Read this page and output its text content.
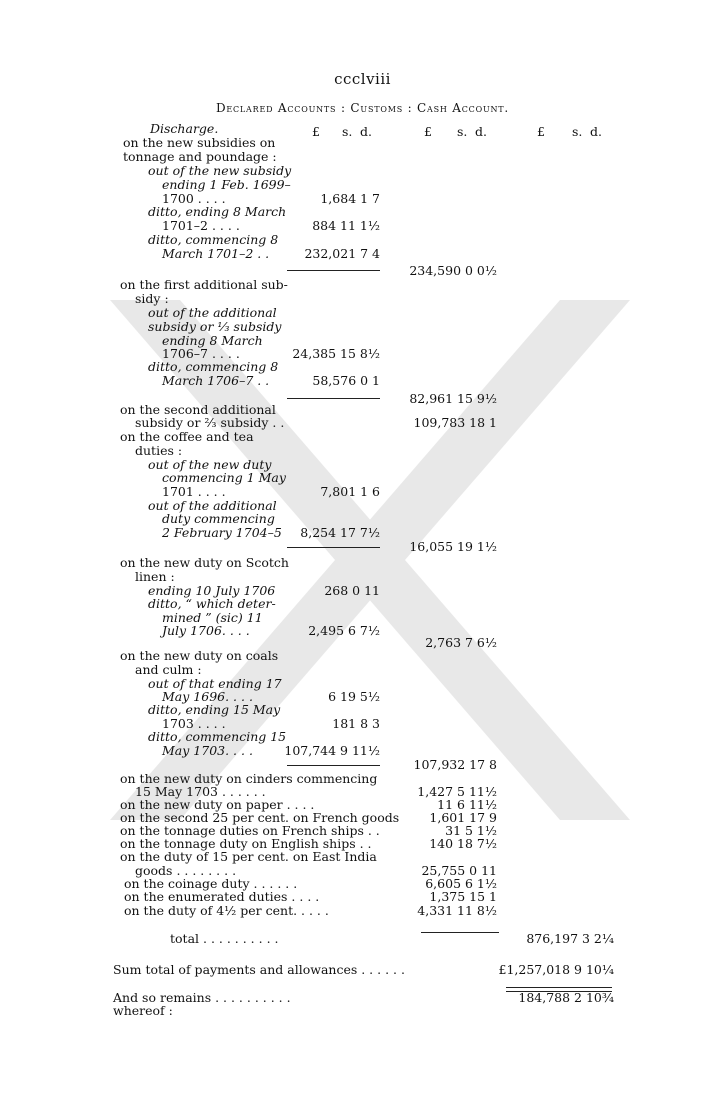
ccclviii
Declared Accounts : Customs : Cash Account.
£ s. d.	£ s. d.	£ s. d.
Discharge.
on the new subsidies on
tonnage and poundage :
out of the new subsidy
ending 1 Feb. 1699–
1700 . . . .
ditto, ending 8 March
1701–2 . . . .
ditto, commencing 8
March 1701–2 . .
on the first additional sub-
sidy :
out of the additional
subsidy or ⅓ subsidy
ending 8 March
1706–7 . . . .
ditto, commencing 8
March 1706–7 . .
on the second additional
subsidy or ⅔ subsidy . .
on the coffee and tea
duties :
out of the new duty
commencing 1 May
1701 . . . .
out of the additional
duty commencing
2 February 1704–5
on the new duty on Scotch
linen :
ending 10 July 1706
ditto, “ which deter-
mined ” (sic) 11
July 1706. . . .
on the new duty on coals
and culm :
out of that ending 17
May 1696. . . .
ditto, ending 15 May
1703 . . . .
ditto, commencing 15
May 1703. . . .
on the new duty on cinders commencing
15 May 1703 . . . . . .
on the new duty on paper . . . .
on the second 25 per cent. on French goods
on the tonnage duties on French ships . .
on the tonnage duty on English ships . .
on the duty of 15 per cent. on East India
goods . . . . . . . .
on the coinage duty . . . . . .
on the enumerated duties . . . .
on the duty of 4½ per cent. . . . .
total . . . . . . . . . .
Sum total of payments and allowances . . . . . .
And so remains . . . . . . . . . .
whereof :
1,684 1 7
884 11 1½
232,021 7 4
24,385 15 8½
58,576 0 1
7,801 1 6
8,254 17 7½
268 0 11
2,495 6 7½
6 19 5½
181 8 3
107,744 9 11½
234,590 0 0½
82,961 15 9½
109,783 18 1
16,055 19 1½
2,763 7 6½
107,932 17 8
1,427 5 11½
11 6 11½
1,601 17 9
31 5 1½
140 18 7½
25,755 0 11
6,605 6 1½
1,375 15 1
4,331 11 8½
876,197 3 2¼
£1,257,018 9 10¼
184,788 2 10¾
